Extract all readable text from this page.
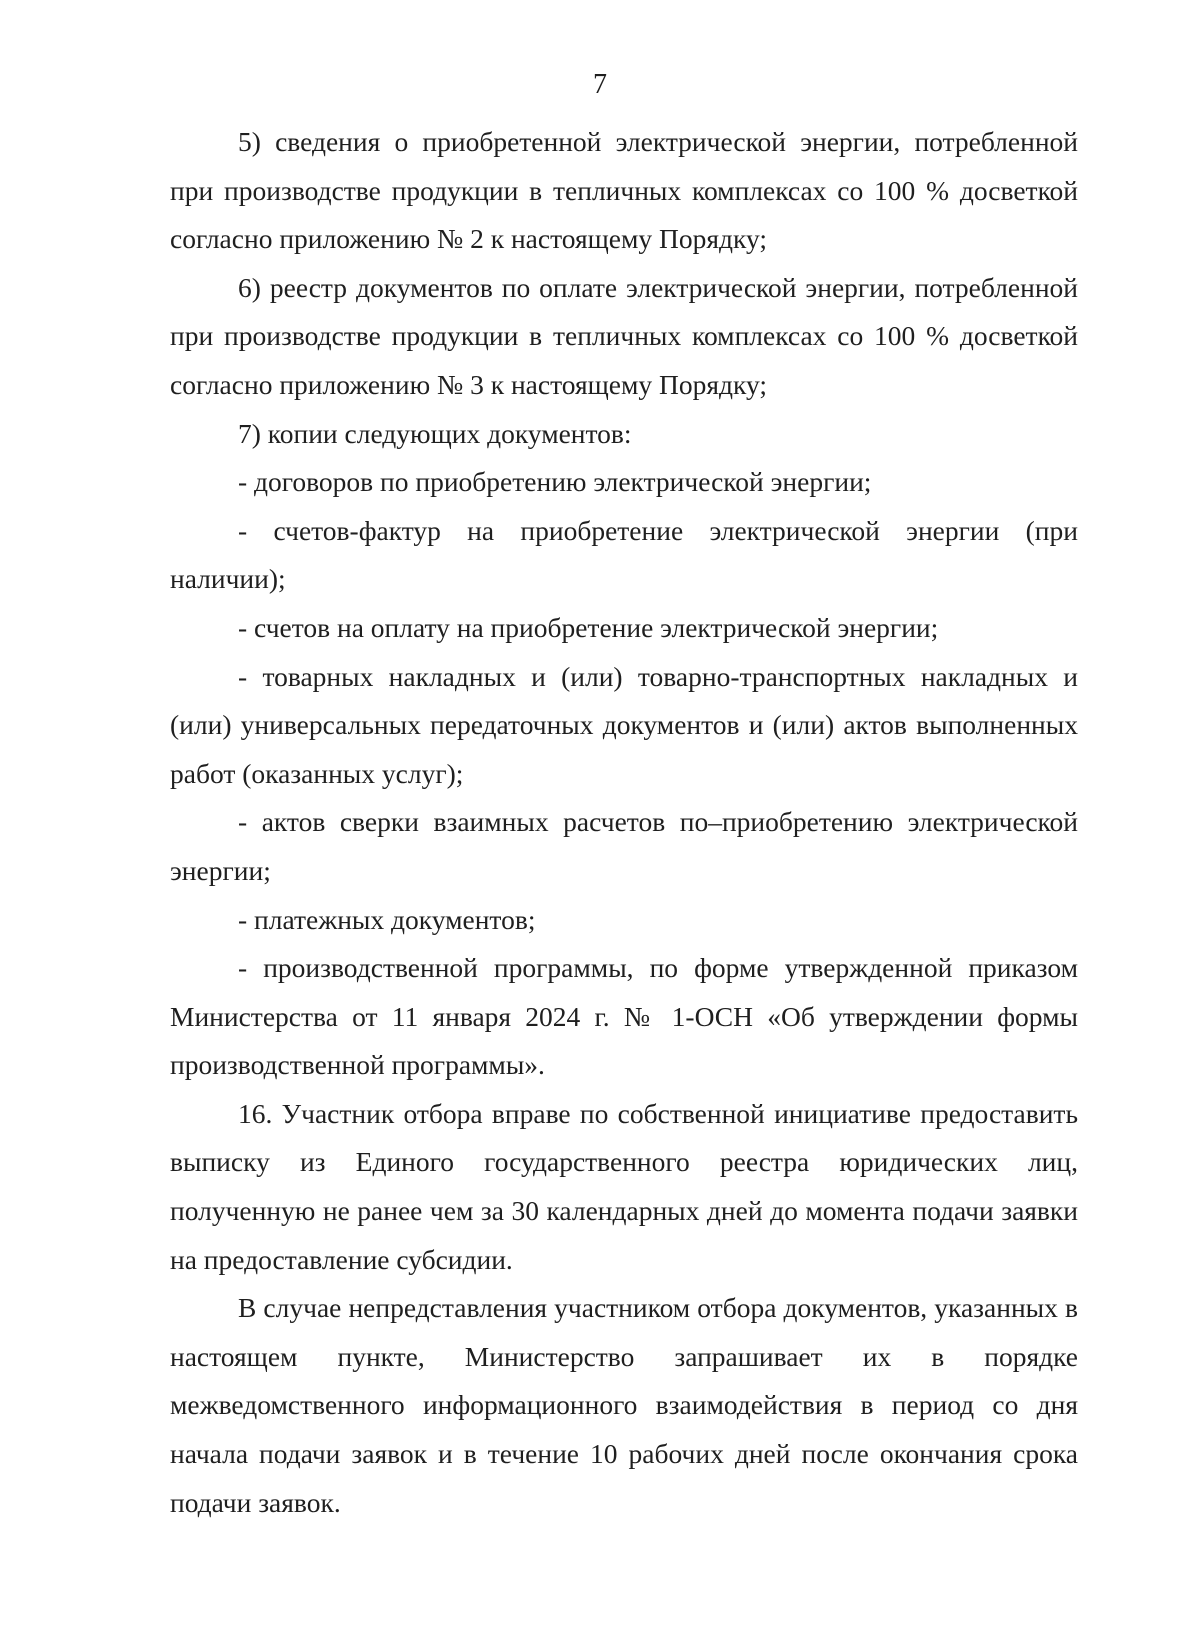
7

5) сведения о приобретенной электрической энергии, потребленной при производстве продукции в тепличных комплексах со 100 % досветкой согласно приложению № 2 к настоящему Порядку;

6) реестр документов по оплате электрической энергии, потребленной при производстве продукции в тепличных комплексах со 100 % досветкой согласно приложению № 3 к настоящему Порядку;

7) копии следующих документов:

- договоров по приобретению электрической энергии;

- счетов-фактур на приобретение электрической энергии (при наличии);

- счетов на оплату на приобретение электрической энергии;

- товарных накладных и (или) товарно-транспортных накладных и (или) универсальных передаточных документов и (или) актов выполненных работ (оказанных услуг);

- актов сверки взаимных расчетов по–приобретению электрической энергии;

- платежных документов;

- производственной программы, по форме утвержденной приказом Министерства от 11 января 2024 г. № 1-ОСН «Об утверждении формы производственной программы».

16. Участник отбора вправе по собственной инициативе предоставить выписку из Единого государственного реестра юридических лиц, полученную не ранее чем за 30 календарных дней до момента подачи заявки на предоставление субсидии.

В случае непредставления участником отбора документов, указанных в настоящем пункте, Министерство запрашивает их в порядке межведомственного информационного взаимодействия в период со дня начала подачи заявок и в течение 10 рабочих дней после окончания срока подачи заявок.
